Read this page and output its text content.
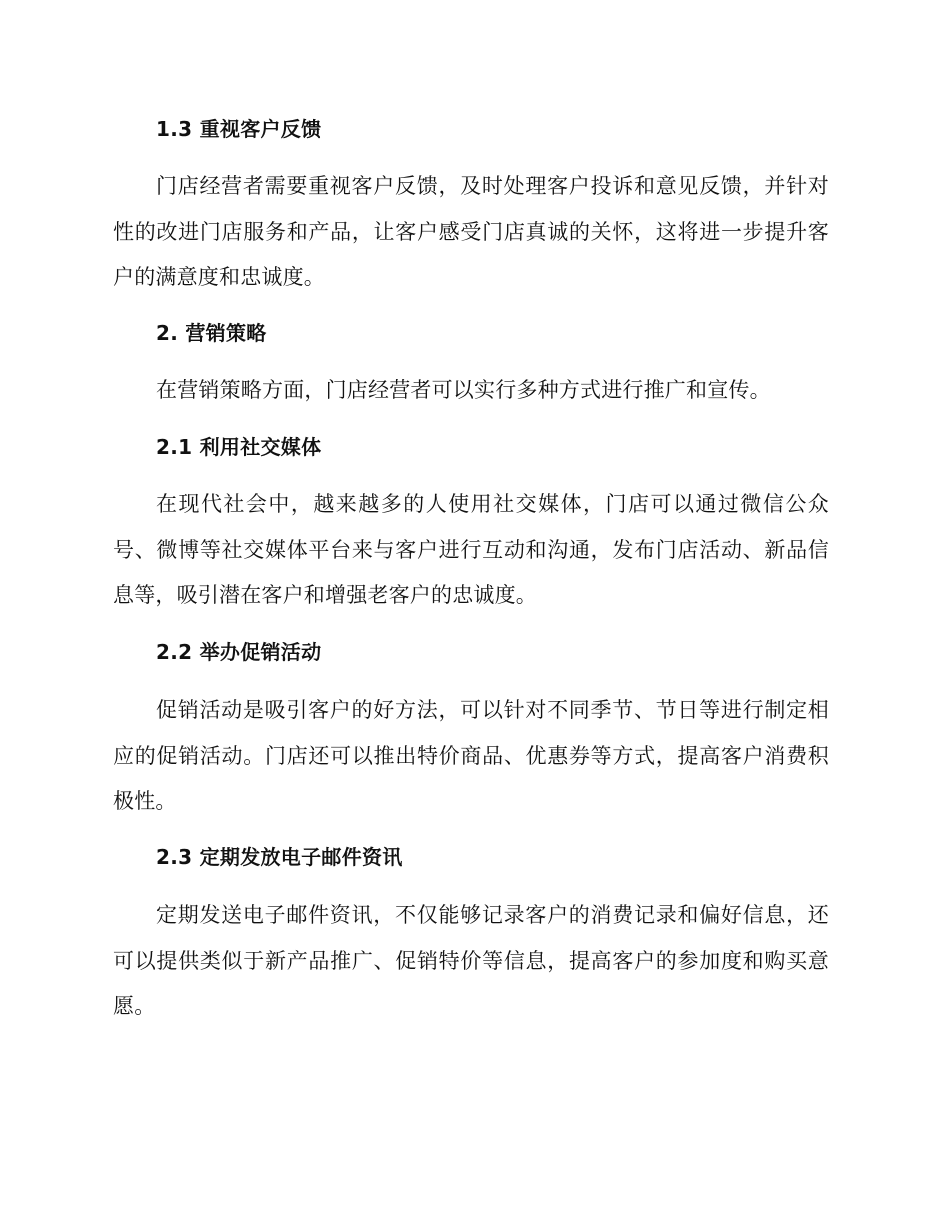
1.3 重视客户反馈
门店经营者需要重视客户反馈，及时处理客户投诉和意见反馈，并针对性的改进门店服务和产品，让客户感受门店真诚的关怀，这将进一步提升客户的满意度和忠诚度。
2. 营销策略
在营销策略方面，门店经营者可以实行多种方式进行推广和宣传。
2.1 利用社交媒体
在现代社会中，越来越多的人使用社交媒体，门店可以通过微信公众号、微博等社交媒体平台来与客户进行互动和沟通，发布门店活动、新品信息等，吸引潜在客户和增强老客户的忠诚度。
2.2 举办促销活动
促销活动是吸引客户的好方法，可以针对不同季节、节日等进行制定相应的促销活动。门店还可以推出特价商品、优惠券等方式，提高客户消费积极性。
2.3 定期发放电子邮件资讯
定期发送电子邮件资讯，不仅能够记录客户的消费记录和偏好信息，还可以提供类似于新产品推广、促销特价等信息，提高客户的参加度和购买意愿。
